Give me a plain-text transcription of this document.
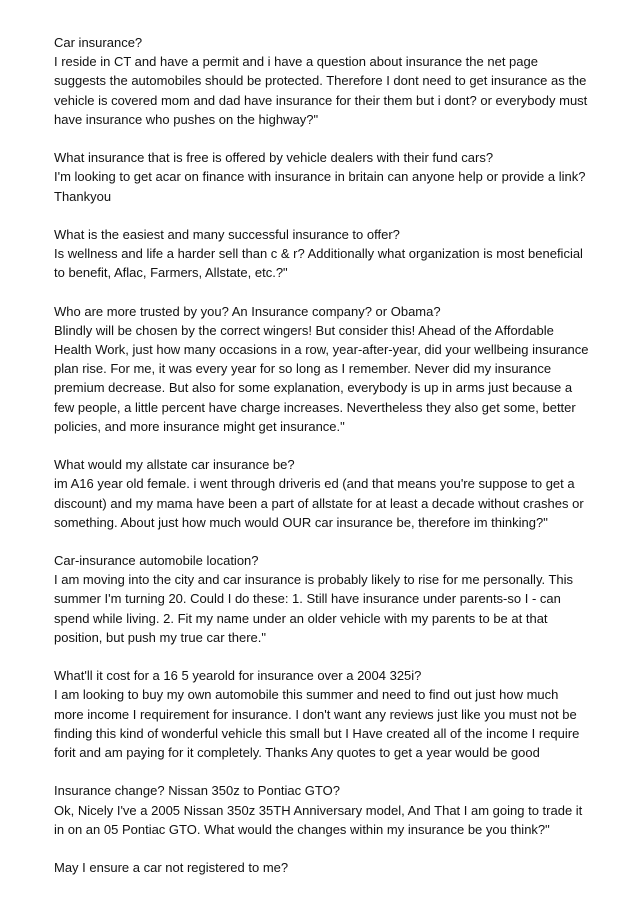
Car insurance?
I reside in CT and have a permit and i have a question about insurance the net page
suggests the automobiles should be protected. Therefore I dont need to get insurance as the
vehicle is covered mom and dad have insurance for their them but i dont? or everybody must
have insurance who pushes on the highway?"
What insurance that is free is offered by vehicle dealers with their fund cars?
I'm looking to get acar on finance with insurance in britain can anyone help or provide a link?
Thankyou
What is the easiest and many successful insurance to offer?
Is wellness and life a harder sell than c & r? Additionally what organization is most beneficial
to benefit, Aflac, Farmers, Allstate, etc.?"
Who are more trusted by you? An Insurance company? or Obama?
Blindly will be chosen by the correct wingers! But consider this! Ahead of the Affordable
Health Work, just how many occasions in a row, year-after-year, did your wellbeing insurance
plan rise. For me, it was every year for so long as I remember. Never did my insurance
premium decrease. But also for some explanation, everybody is up in arms just because a
few people, a little percent have charge increases. Nevertheless they also get some, better
policies, and more insurance might get insurance."
What would my allstate car insurance be?
im A16 year old female. i went through driveris ed (and that means you're suppose to get a
discount) and my mama have been a part of allstate for at least a decade without crashes or
something. About just how much would OUR car insurance be, therefore im thinking?"
Car-insurance automobile location?
I am moving into the city and car insurance is probably likely to rise for me personally. This
summer I'm turning 20. Could I do these: 1. Still have insurance under parents-so I - can
spend while living. 2. Fit my name under an older vehicle with my parents to be at that
position, but push my true car there."
What'll it cost for a 16 5 yearold for insurance over a 2004 325i?
I am looking to buy my own automobile this summer and need to find out just how much
more income I requirement for insurance. I don't want any reviews just like you must not be
finding this kind of wonderful vehicle this small but I Have created all of the income I require
forit and am paying for it completely. Thanks Any quotes to get a year would be good
Insurance change? Nissan 350z to Pontiac GTO?
Ok, Nicely I've a 2005 Nissan 350z 35TH Anniversary model, And That I am going to trade it
in on an 05 Pontiac GTO. What would the changes within my insurance be you think?"
May I ensure a car not registered to me?
